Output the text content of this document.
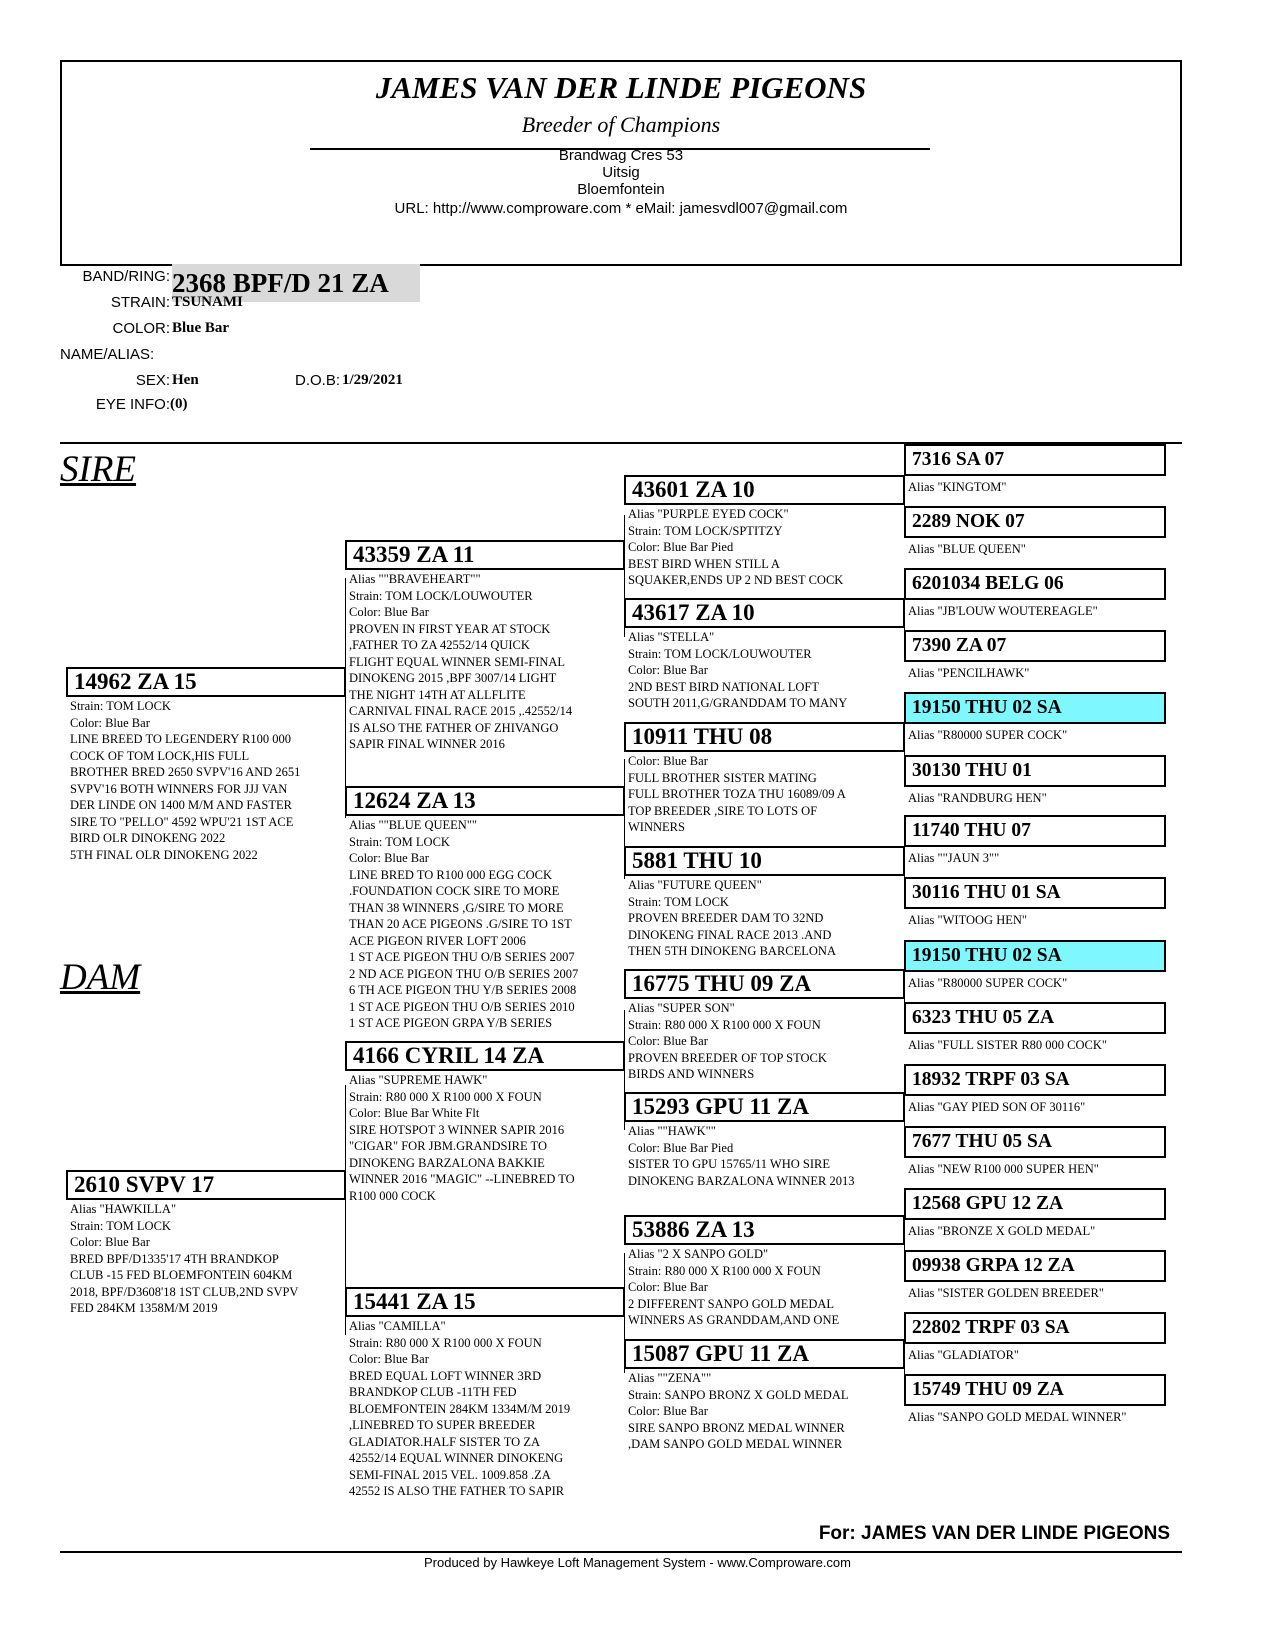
JAMES VAN DER LINDE PIGEONS
Breeder of Champions
Brandwag Cres 53
Uitsig
Bloemfontein
URL: http://www.comproware.com * eMail: jamesvdl007@gmail.com
BAND/RING: 2368 BPF/D 21 ZA
STRAIN: TSUNAMI
COLOR: Blue Bar
NAME/ALIAS:
SEX: Hen	D.O.B: 1/29/2021
EYE INFO: (0)
SIRE
DAM
14962 ZA 15
Strain: TOM LOCK
Color: Blue Bar
LINE BREED TO LEGENDERY R100 000
COCK OF TOM LOCK,HIS FULL
BROTHER BRED 2650 SVPV'16 AND 2651
SVPV'16 BOTH WINNERS FOR JJJ VAN
DER LINDE ON 1400 M/M AND FASTER
SIRE TO "PELLO" 4592 WPU'21 1ST ACE
BIRD OLR DINOKENG 2022
5TH FINAL OLR DINOKENG 2022
2610 SVPV 17
Alias "HAWKILLA"
Strain: TOM LOCK
Color: Blue Bar
BRED BPF/D1335'17 4TH BRANDKOP
CLUB -15 FED BLOEMFONTEIN 604KM
2018, BPF/D3608'18 1ST CLUB,2ND SVPV
FED 284KM 1358M/M 2019
43359 ZA 11
Alias ""BRAVEHEART""
Strain: TOM LOCK/LOUWOUTER
Color: Blue Bar
PROVEN IN FIRST YEAR AT STOCK
,FATHER TO ZA 42552/14 QUICK
FLIGHT EQUAL WINNER SEMI-FINAL
DINOKENG 2015 ,BPF 3007/14 LIGHT
THE NIGHT 14TH AT ALLFLITE
CARNIVAL FINAL RACE 2015 ,.42552/14
IS ALSO THE FATHER OF ZHIVANGO
SAPIR FINAL WINNER 2016
12624 ZA 13
Alias ""BLUE QUEEN""
Strain: TOM LOCK
Color: Blue Bar
LINE BRED TO R100 000 EGG COCK
.FOUNDATION COCK SIRE TO MORE
THAN 38 WINNERS ,G/SIRE TO MORE
THAN 20 ACE PIGEONS .G/SIRE TO 1ST
ACE PIGEON RIVER LOFT 2006
1 ST ACE PIGEON THU O/B SERIES 2007
2 ND ACE PIGEON THU O/B SERIES 2007
6 TH ACE PIGEON THU Y/B SERIES 2008
1 ST ACE PIGEON THU O/B SERIES 2010
1 ST ACE PIGEON GRPA Y/B SERIES
4166 CYRIL 14 ZA
Alias "SUPREME HAWK"
Strain: R80 000 X R100 000 X FOUN
Color: Blue Bar White Flt
SIRE HOTSPOT 3 WINNER SAPIR 2016
"CIGAR" FOR JBM.GRANDSIRE TO
DINOKENG BARZALONA BAKKIE
WINNER 2016 "MAGIC" --LINEBRED TO
R100 000 COCK
15441 ZA 15
Alias "CAMILLA"
Strain: R80 000 X R100 000 X FOUN
Color: Blue Bar
BRED EQUAL LOFT WINNER 3RD
BRANDKOP CLUB -11TH FED
BLOEMFONTEIN 284KM 1334M/M 2019
,LINEBRED TO SUPER BREEDER
GLADIATOR.HALF SISTER TO ZA
42552/14 EQUAL WINNER DINOKENG
SEMI-FINAL 2015 VEL. 1009.858 .ZA
42552 IS ALSO THE FATHER TO SAPIR
43601 ZA 10
Alias "PURPLE EYED COCK"
Strain: TOM LOCK/SPTITZY
Color: Blue Bar Pied
BEST BIRD WHEN STILL A
SQUAKER,ENDS UP 2 ND BEST COCK
43617 ZA 10
Alias "STELLA"
Strain: TOM LOCK/LOUWOUTER
Color: Blue Bar
2ND BEST BIRD NATIONAL LOFT
SOUTH 2011,G/GRANDDAM TO MANY
10911 THU 08
Color: Blue Bar
FULL BROTHER SISTER MATING
FULL BROTHER TOZA THU 16089/09 A
TOP BREEDER ,SIRE TO LOTS OF
WINNERS
5881 THU 10
Alias "FUTURE QUEEN"
Strain: TOM LOCK
PROVEN BREEDER DAM TO 32ND
DINOKENG FINAL RACE 2013 .AND
THEN 5TH DINOKENG BARCELONA
16775 THU 09 ZA
Alias "SUPER SON"
Strain: R80 000 X R100 000 X FOUN
Color: Blue Bar
PROVEN BREEDER OF TOP STOCK
BIRDS AND WINNERS
15293 GPU 11 ZA
Alias ""HAWK""
Color: Blue Bar Pied
SISTER TO GPU 15765/11 WHO SIRE
DINOKENG BARZALONA WINNER 2013
53886 ZA 13
Alias "2 X SANPO GOLD"
Strain: R80 000 X R100 000 X FOUN
Color: Blue Bar
2 DIFFERENT SANPO GOLD MEDAL
WINNERS AS GRANDDAM,AND ONE
15087 GPU 11 ZA
Alias ""ZENA""
Strain: SANPO BRONZ X GOLD MEDAL
Color: Blue Bar
SIRE SANPO BRONZ MEDAL WINNER
,DAM SANPO GOLD MEDAL WINNER
7316 SA 07
Alias "KINGTOM"
2289 NOK 07
Alias "BLUE QUEEN"
6201034 BELG 06
Alias "JB'LOUW WOUTEREAGLE"
7390 ZA 07
Alias "PENCILHAWK"
19150 THU 02 SA
Alias "R80000 SUPER COCK"
30130 THU 01
Alias "RANDBURG HEN"
11740 THU 07
Alias ""JAUN 3""
30116 THU 01 SA
Alias "WITOOG HEN"
19150 THU 02 SA
Alias "R80000 SUPER COCK"
6323 THU 05 ZA
Alias "FULL SISTER R80 000 COCK"
18932 TRPF 03 SA
Alias "GAY PIED SON OF 30116"
7677 THU 05 SA
Alias "NEW R100 000 SUPER HEN"
12568 GPU 12 ZA
Alias "BRONZE X GOLD MEDAL"
09938 GRPA 12 ZA
Alias "SISTER GOLDEN BREEDER"
22802 TRPF 03 SA
Alias "GLADIATOR"
15749 THU 09 ZA
Alias "SANPO GOLD MEDAL WINNER"
For: JAMES VAN DER LINDE PIGEONS
Produced by Hawkeye Loft Management System - www.Comproware.com
